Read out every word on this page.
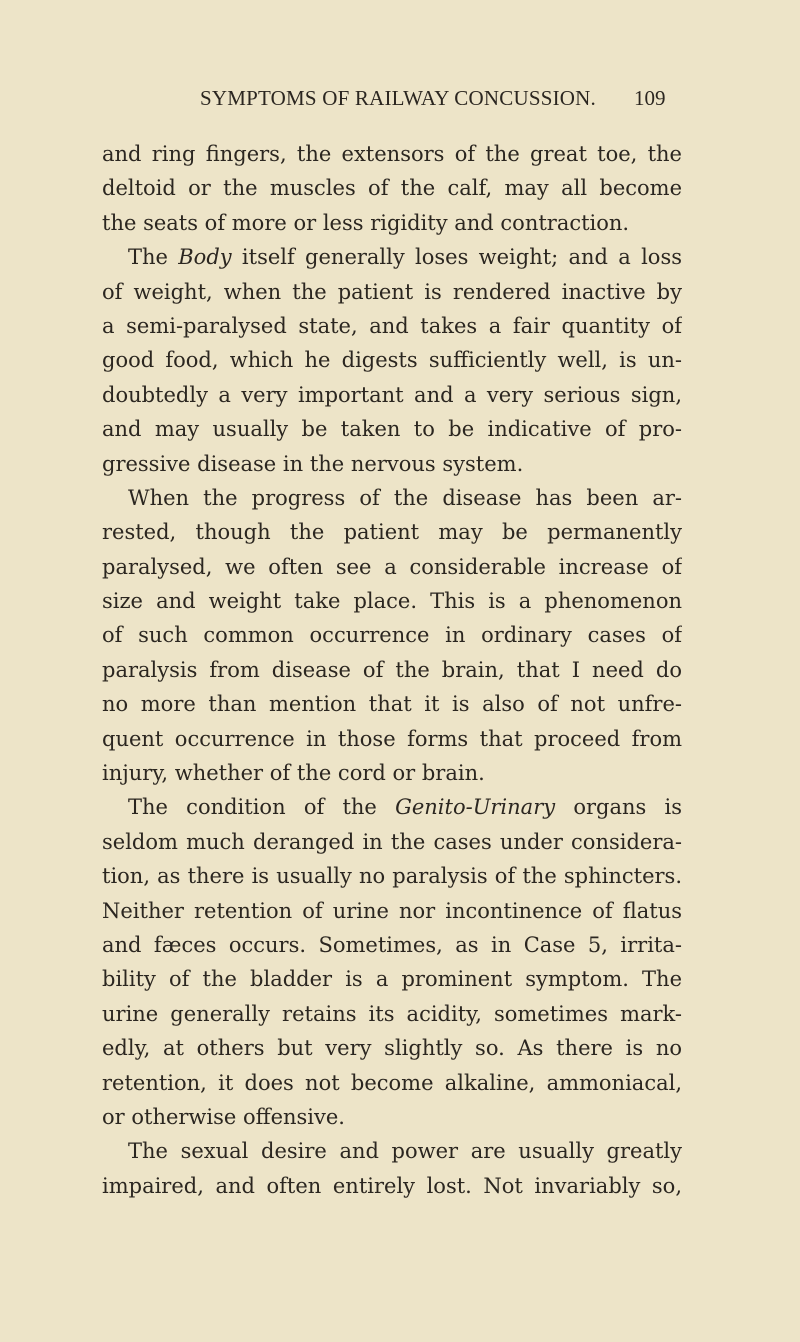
SYMPTOMS OF RAILWAY CONCUSSION.	109
and ring fingers, the extensors of the great toe, the
deltoid or the muscles of the calf, may all become
the seats of more or less rigidity and contraction.
The Body itself generally loses weight; and a loss
of weight, when the patient is rendered inactive by
a semi-paralysed state, and takes a fair quantity of
good food, which he digests sufficiently well, is un-
doubtedly a very important and a very serious sign,
and may usually be taken to be indicative of pro-
gressive disease in the nervous system.
When the progress of the disease has been ar-
rested, though the patient may be permanently
paralysed, we often see a considerable increase of
size and weight take place. This is a phenomenon
of such common occurrence in ordinary cases of
paralysis from disease of the brain, that I need do
no more than mention that it is also of not unfre-
quent occurrence in those forms that proceed from
injury, whether of the cord or brain.
The condition of the Genito-Urinary organs is
seldom much deranged in the cases under considera-
tion, as there is usually no paralysis of the sphincters.
Neither retention of urine nor incontinence of flatus
and fæces occurs. Sometimes, as in Case 5, irrita-
bility of the bladder is a prominent symptom. The
urine generally retains its acidity, sometimes mark-
edly, at others but very slightly so. As there is no
retention, it does not become alkaline, ammoniacal,
or otherwise offensive.
The sexual desire and power are usually greatly
impaired, and often entirely lost. Not invariably so,
